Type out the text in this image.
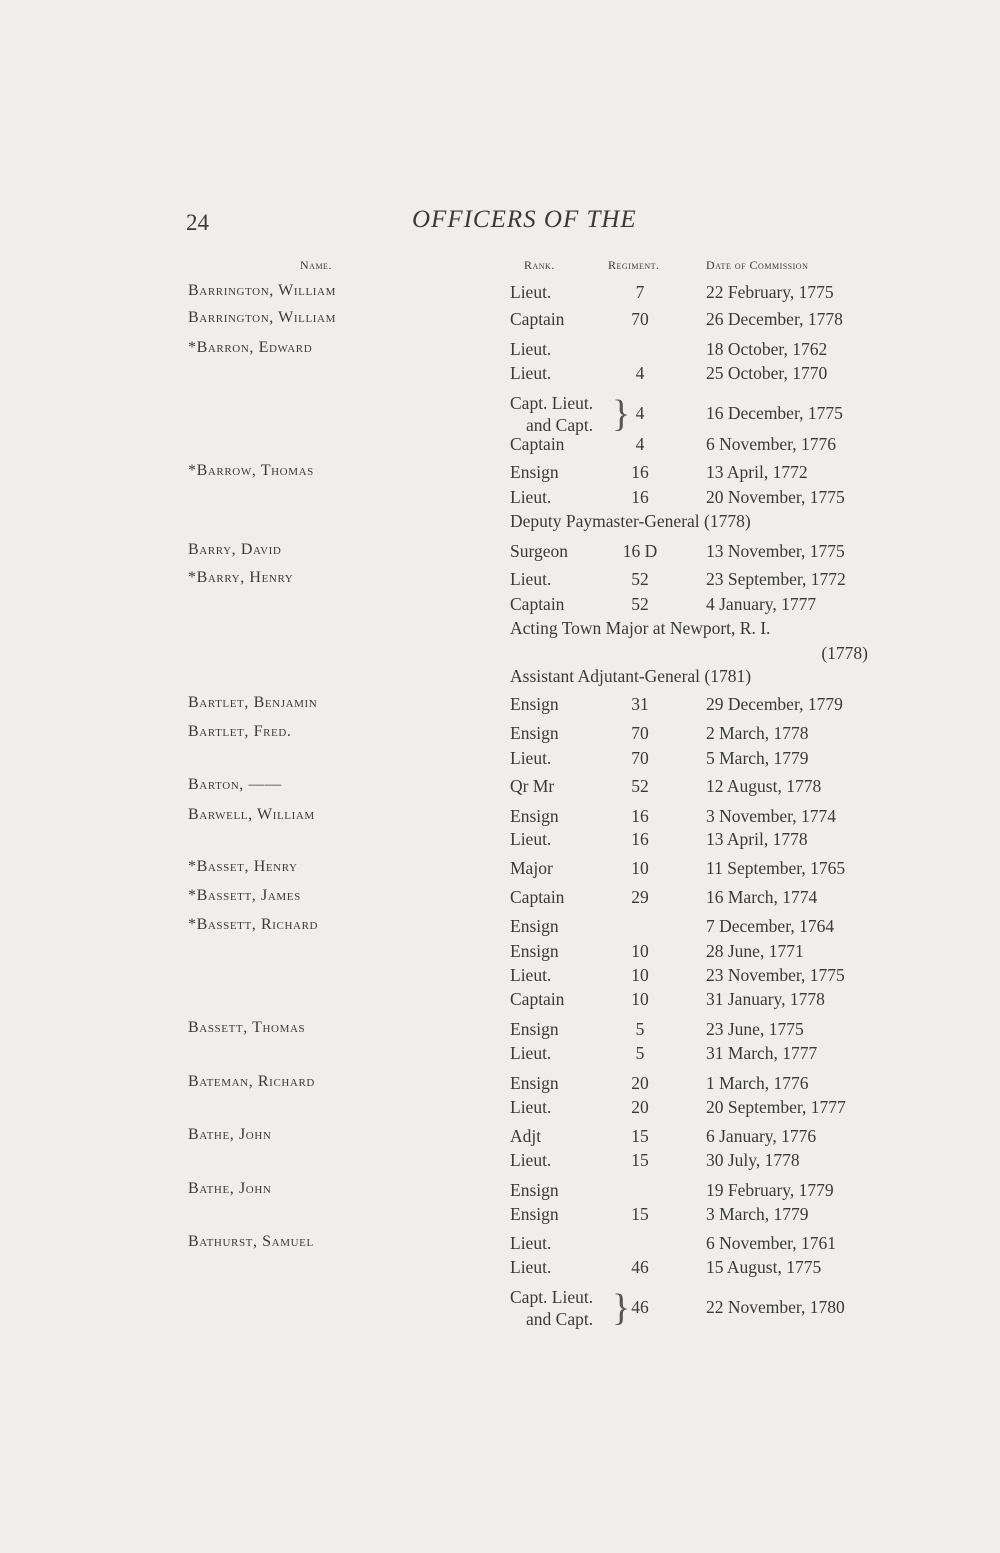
24	OFFICERS OF THE
Name.	Rank.	Regiment.	Date of Commission
Barrington, William	Lieut.	7	22 February, 1775
Barrington, William	Captain	70	26 December, 1778
*Barron, Edward	Lieut.	18 October, 1762
Lieut.	4	25 October, 1770
Capt. Lieut.
and Capt. } 4	16 December, 1775
Captain	4	6 November, 1776
*Barrow, Thomas	Ensign	16	13 April, 1772
Lieut.	16	20 November, 1775
Deputy Paymaster-General (1778)
Barry, David	Surgeon	16 D	13 November, 1775
*Barry, Henry	Lieut.	52	23 September, 1772
Captain	52	4 January, 1777
Acting Town Major at Newport, R. I.
(1778)
Assistant Adjutant-General (1781)
Bartlet, Benjamin	Ensign	31	29 December, 1779
Bartlet, Fred.	Ensign	70	2 March, 1778
Lieut.	70	5 March, 1779
Barton, ——	Qr Mr	52	12 August, 1778
Barwell, William	Ensign	16	3 November, 1774
Lieut.	16	13 April, 1778
*Basset, Henry	Major	10	11 September, 1765
*Bassett, James	Captain	29	16 March, 1774
*Bassett, Richard	Ensign	7 December, 1764
Ensign	10	28 June, 1771
Lieut.	10	23 November, 1775
Captain	10	31 January, 1778
Bassett, Thomas	Ensign	5	23 June, 1775
Lieut.	5	31 March, 1777
Bateman, Richard	Ensign	20	1 March, 1776
Lieut.	20	20 September, 1777
Bathe, John	Adjt	15	6 January, 1776
Lieut.	15	30 July, 1778
Bathe, John	Ensign	19 February, 1779
Ensign	15	3 March, 1779
Bathurst, Samuel	Lieut.	6 November, 1761
Lieut.	46	15 August, 1775
Capt. Lieut.
and Capt. } 46	22 November, 1780
